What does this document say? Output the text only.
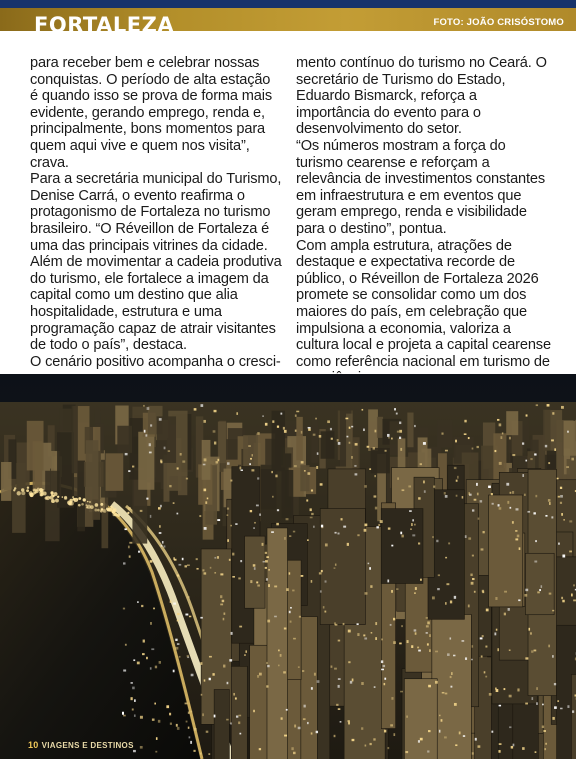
FORTALEZA	FOTO: JOÃO CRISÓSTOMO

para receber bem e celebrar nossas conquistas. O período de alta estação é quando isso se prova de forma mais evidente, gerando emprego, renda e, principalmente, bons momentos para quem aqui vive e quem nos visita”, crava.

Para a secretária municipal do Turismo, Denise Carrá, o evento reafirma o protagonismo de Fortaleza no turismo brasileiro. “O Réveillon de Fortaleza é uma das principais vitrines da cidade. Além de movimentar a cadeia produtiva do turismo, ele fortalece a imagem da capital como um destino que alia hospitalidade, estrutura e uma programação capaz de atrair visitantes de todo o país”, destaca.

O cenário positivo acompanha o cresci-

mento contínuo do turismo no Ceará. O secretário de Turismo do Estado, Eduardo Bismarck, reforça a importância do evento para o desenvolvimento do setor.

“Os números mostram a força do turismo cearense e reforçam a relevância de investimentos constantes em infraestrutura e em eventos que geram emprego, renda e visibilidade para o destino”, pontua.

Com ampla estrutura, atrações de destaque e expectativa recorde de público, o Réveillon de Fortaleza 2026 promete se consolidar como um dos maiores do país, em celebração que impulsiona a economia, valoriza a cultura local e projeta a capital cearense como referência nacional em turismo de

10 VIAGENS E DESTINOS
